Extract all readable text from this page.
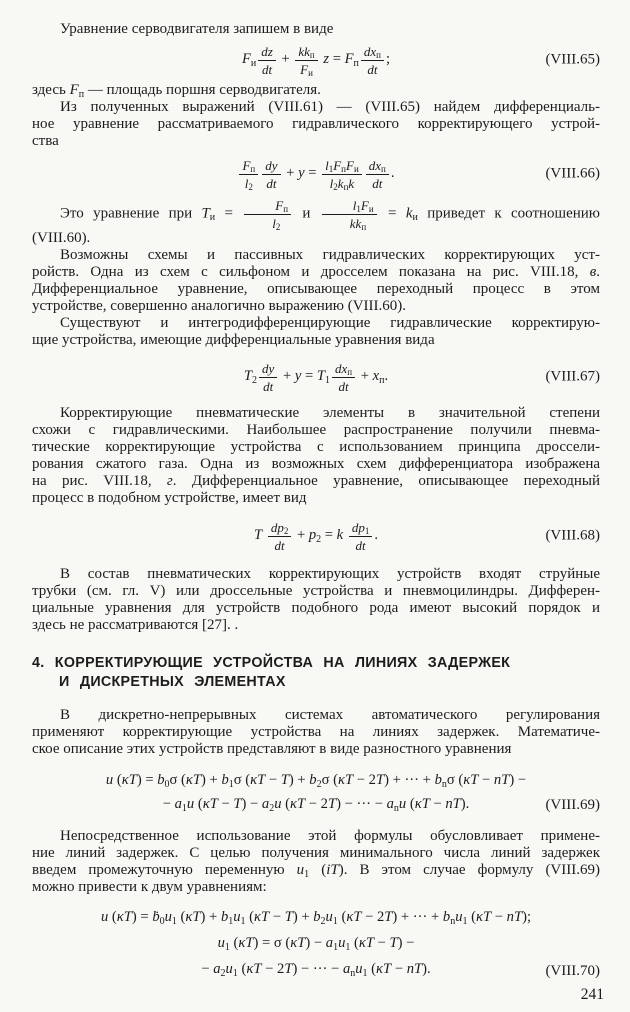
Уравнение серводвигателя запишем в виде
$F_и \frac{dz}{dt} + kk_п$
$F_и$
$z = F_п$
$dx_п$
dt
;	(VIII.65)
здесь $F_п$ — площадь поршня серводвигателя.
Из полученных выражений (VIII.61) — (VIII.65) найдем дифференциаль-
ное уравнение рассматриваемого гидравлического корректирующего устрой-
ства
$F_п$
$l_2 \frac{dy}{dt} + y = l_1F_пF_и$
$l_2k_пk$
$dx_п$
dt
.	(VIII.66)
Это уравнение при $T_и$ =	$F_п$
$l_2$
и	$l_1F_и$
$kk_п$
= $k_и$ приведет к соотношению
(VIII.60).
Возможны схемы и пассивных гидравлических корректирующих уст-
ройств. Одна из схем с сильфоном и дросселем показана на рис. VIII.18, в.
Дифференциальное уравнение, описывающее переходный процесс в этом
устройстве, совершенно аналогично выражению (VIII.60).
Существуют и интегродифференцирующие гидравлические корректирую-
щие устройства, имеющие дифференциальные уравнения вида
$T_2 \frac{dy}{dt} + y = T_1$
$dx_п$
dt
+ $x_п$.	(VIII.67)
Корректирующие пневматические элементы в значительной степени
схожи с гидравлическими. Наибольшее распространение получили пневма-
тические корректирующие устройства с использованием принципа дроссели-
рования сжатого газа. Одна из возможных схем дифференциатора изображена
на рис. VIII.18, г. Дифференциальное уравнение, описывающее переходный
процесс в подобном устройстве, имеет вид
T $\frac{dp_2}{dt} + p_2 = k \frac{dp_1}{dt}$ .	(VIII.68)
В состав пневматических корректирующих устройств входят струйные
трубки (см. гл. V) или дроссельные устройства и пневмоцилиндры. Дифферен-
циальные уравнения для устройств подобного рода имеют высокий порядок и
здесь не рассматриваются [27]. .
4. КОРРЕКТИРУЮЩИЕ УСТРОЙСТВА НА ЛИНИЯХ ЗАДЕРЖЕК
И ДИСКРЕТНЫХ ЭЛЕМЕНТАХ
В дискретно-непрерывных системах автоматического регулирования
применяют корректирующие устройства на линиях задержек. Математиче-
ское описание этих устройств представляют в виде разностного уравнения
u $(\kappa T) = b_0\sigma$ $(\kappa T) + b_1\sigma$ $(\kappa T - T) + b_2\sigma$ (κT − 2T) + ··· + $b_n\sigma$ (κT − nT) −
− $a_1u$ $(\kappa T - T) - a_2u$ (κT − 2T) − ··· − $a_nu$ (κT − nT).	(VIII.69)
Непосредственное использование этой формулы обусловливает примене-
ние линий задержек. С целью получения минимального числа линий задержек
введем промежуточную переменную $u_1$ (iT). В этом случае формулу (VIII.69)
можно привести к двум уравнениям:
u $(\kappa T) = ḃ_0u_1$ $(\kappa T) + b_1u_1$ $(\kappa T - T) + b_2u_1$ (κT − 2T) + ··· + $b_nu_1$ (κT − nT);
$u_1$ (κT) = σ $(\kappa T) - a_1u_1$ (κT − T) −
− $a_2u_1$ (κT − 2T) − ··· − $a_nu_1$ (κT − nT).	(VIII.70)
241
